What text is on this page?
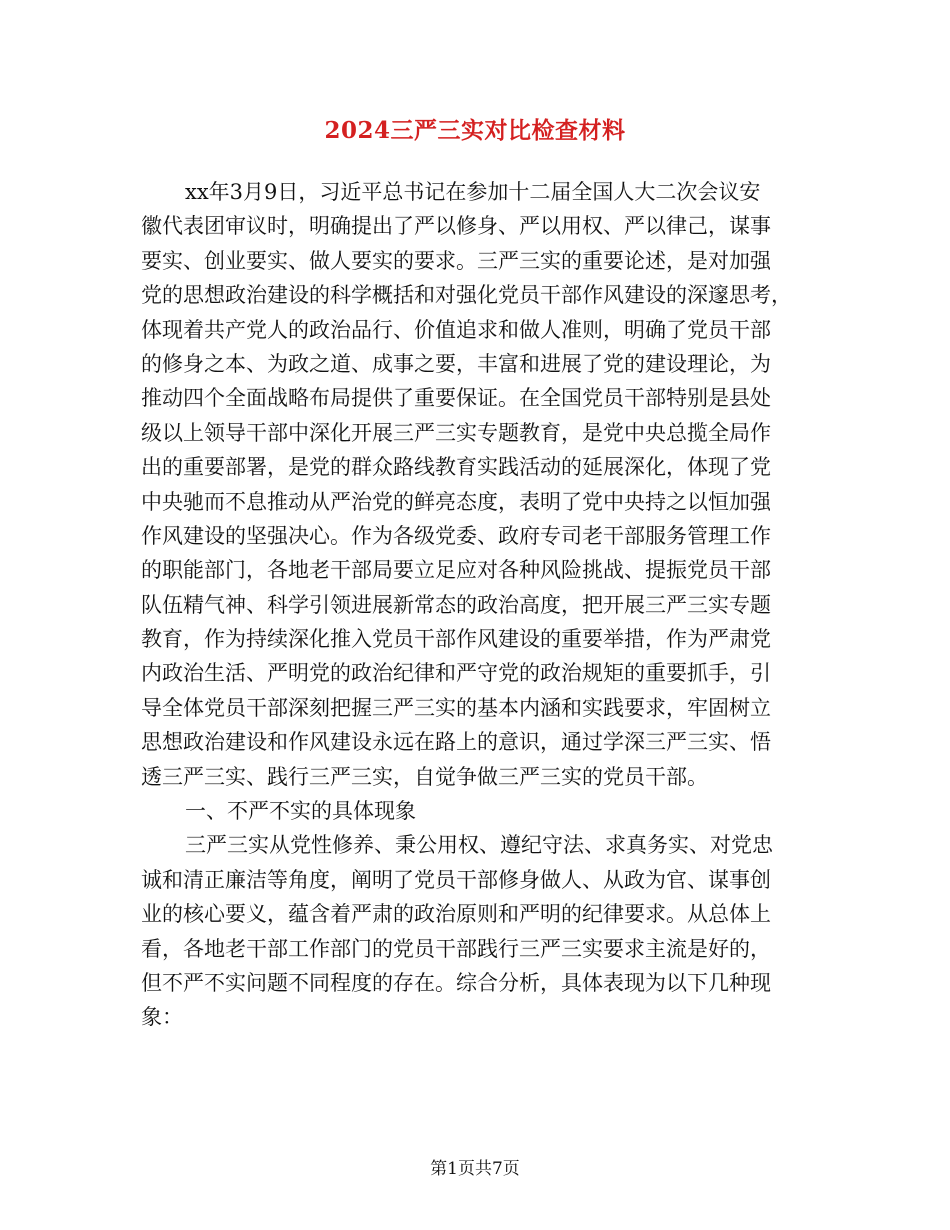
2024三严三实对比检查材料
xx年3月9日，习近平总书记在参加十二届全国人大二次会议安
徽代表团审议时，明确提出了严以修身、严以用权、严以律己，谋事
要实、创业要实、做人要实的要求。三严三实的重要论述，是对加强
党的思想政治建设的科学概括和对强化党员干部作风建设的深邃思考，
体现着共产党人的政治品行、价值追求和做人准则，明确了党员干部
的修身之本、为政之道、成事之要，丰富和进展了党的建设理论，为
推动四个全面战略布局提供了重要保证。在全国党员干部特别是县处
级以上领导干部中深化开展三严三实专题教育，是党中央总揽全局作
出的重要部署，是党的群众路线教育实践活动的延展深化，体现了党
中央驰而不息推动从严治党的鲜亮态度，表明了党中央持之以恒加强
作风建设的坚强决心。作为各级党委、政府专司老干部服务管理工作
的职能部门，各地老干部局要立足应对各种风险挑战、提振党员干部
队伍精气神、科学引领进展新常态的政治高度，把开展三严三实专题
教育，作为持续深化推入党员干部作风建设的重要举措，作为严肃党
内政治生活、严明党的政治纪律和严守党的政治规矩的重要抓手，引
导全体党员干部深刻把握三严三实的基本内涵和实践要求，牢固树立
思想政治建设和作风建设永远在路上的意识，通过学深三严三实、悟
透三严三实、践行三严三实，自觉争做三严三实的党员干部。
一、不严不实的具体现象
三严三实从党性修养、秉公用权、遵纪守法、求真务实、对党忠
诚和清正廉洁等角度，阐明了党员干部修身做人、从政为官、谋事创
业的核心要义，蕴含着严肃的政治原则和严明的纪律要求。从总体上
看，各地老干部工作部门的党员干部践行三严三实要求主流是好的，
但不严不实问题不同程度的存在。综合分析，具体表现为以下几种现
象：
第1页共7页
